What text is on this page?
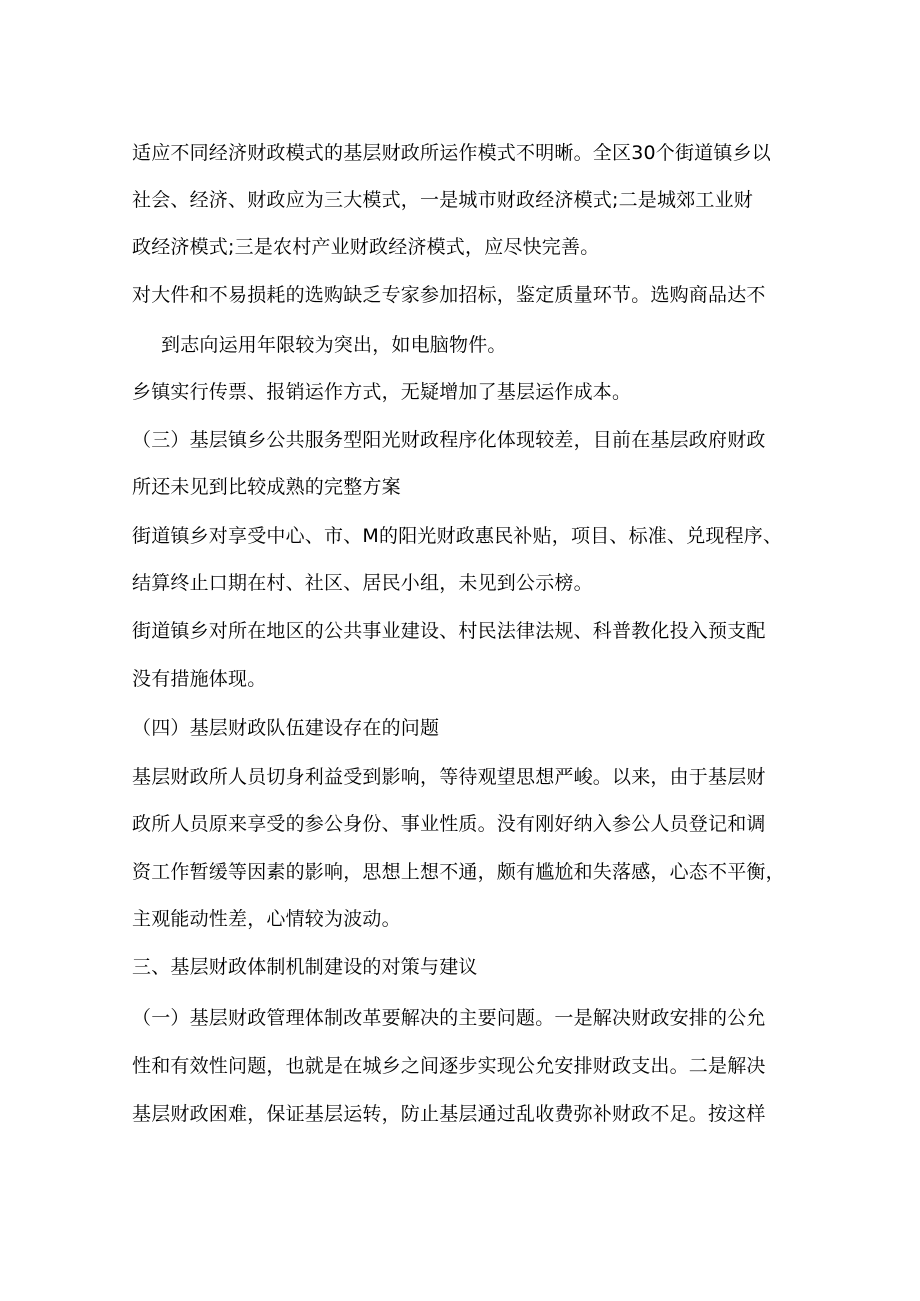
适应不同经济财政模式的基层财政所运作模式不明晰。全区30个街道镇乡以
社会、经济、财政应为三大模式，一是城市财政经济模式;二是城郊工业财
政经济模式;三是农村产业财政经济模式，应尽快完善。
对大件和不易损耗的选购缺乏专家参加招标，鉴定质量环节。选购商品达不
到志向运用年限较为突出，如电脑物件。
乡镇实行传票、报销运作方式，无疑增加了基层运作成本。
（三）基层镇乡公共服务型阳光财政程序化体现较差，目前在基层政府财政
所还未见到比较成熟的完整方案
街道镇乡对享受中心、市、M的阳光财政惠民补贴，项目、标准、兑现程序、
结算终止口期在村、社区、居民小组，未见到公示榜。
街道镇乡对所在地区的公共事业建设、村民法律法规、科普教化投入预支配
没有措施体现。
（四）基层财政队伍建设存在的问题
基层财政所人员切身利益受到影响，等待观望思想严峻。以来，由于基层财
政所人员原来享受的参公身份、事业性质。没有刚好纳入参公人员登记和调
资工作暂缓等因素的影响，思想上想不通，颇有尴尬和失落感，心态不平衡，
主观能动性差，心情较为波动。
三、基层财政体制机制建设的对策与建议
（一）基层财政管理体制改革要解决的主要问题。一是解决财政安排的公允
性和有效性问题，也就是在城乡之间逐步实现公允安排财政支出。二是解决
基层财政困难，保证基层运转，防止基层通过乱收费弥补财政不足。按这样
